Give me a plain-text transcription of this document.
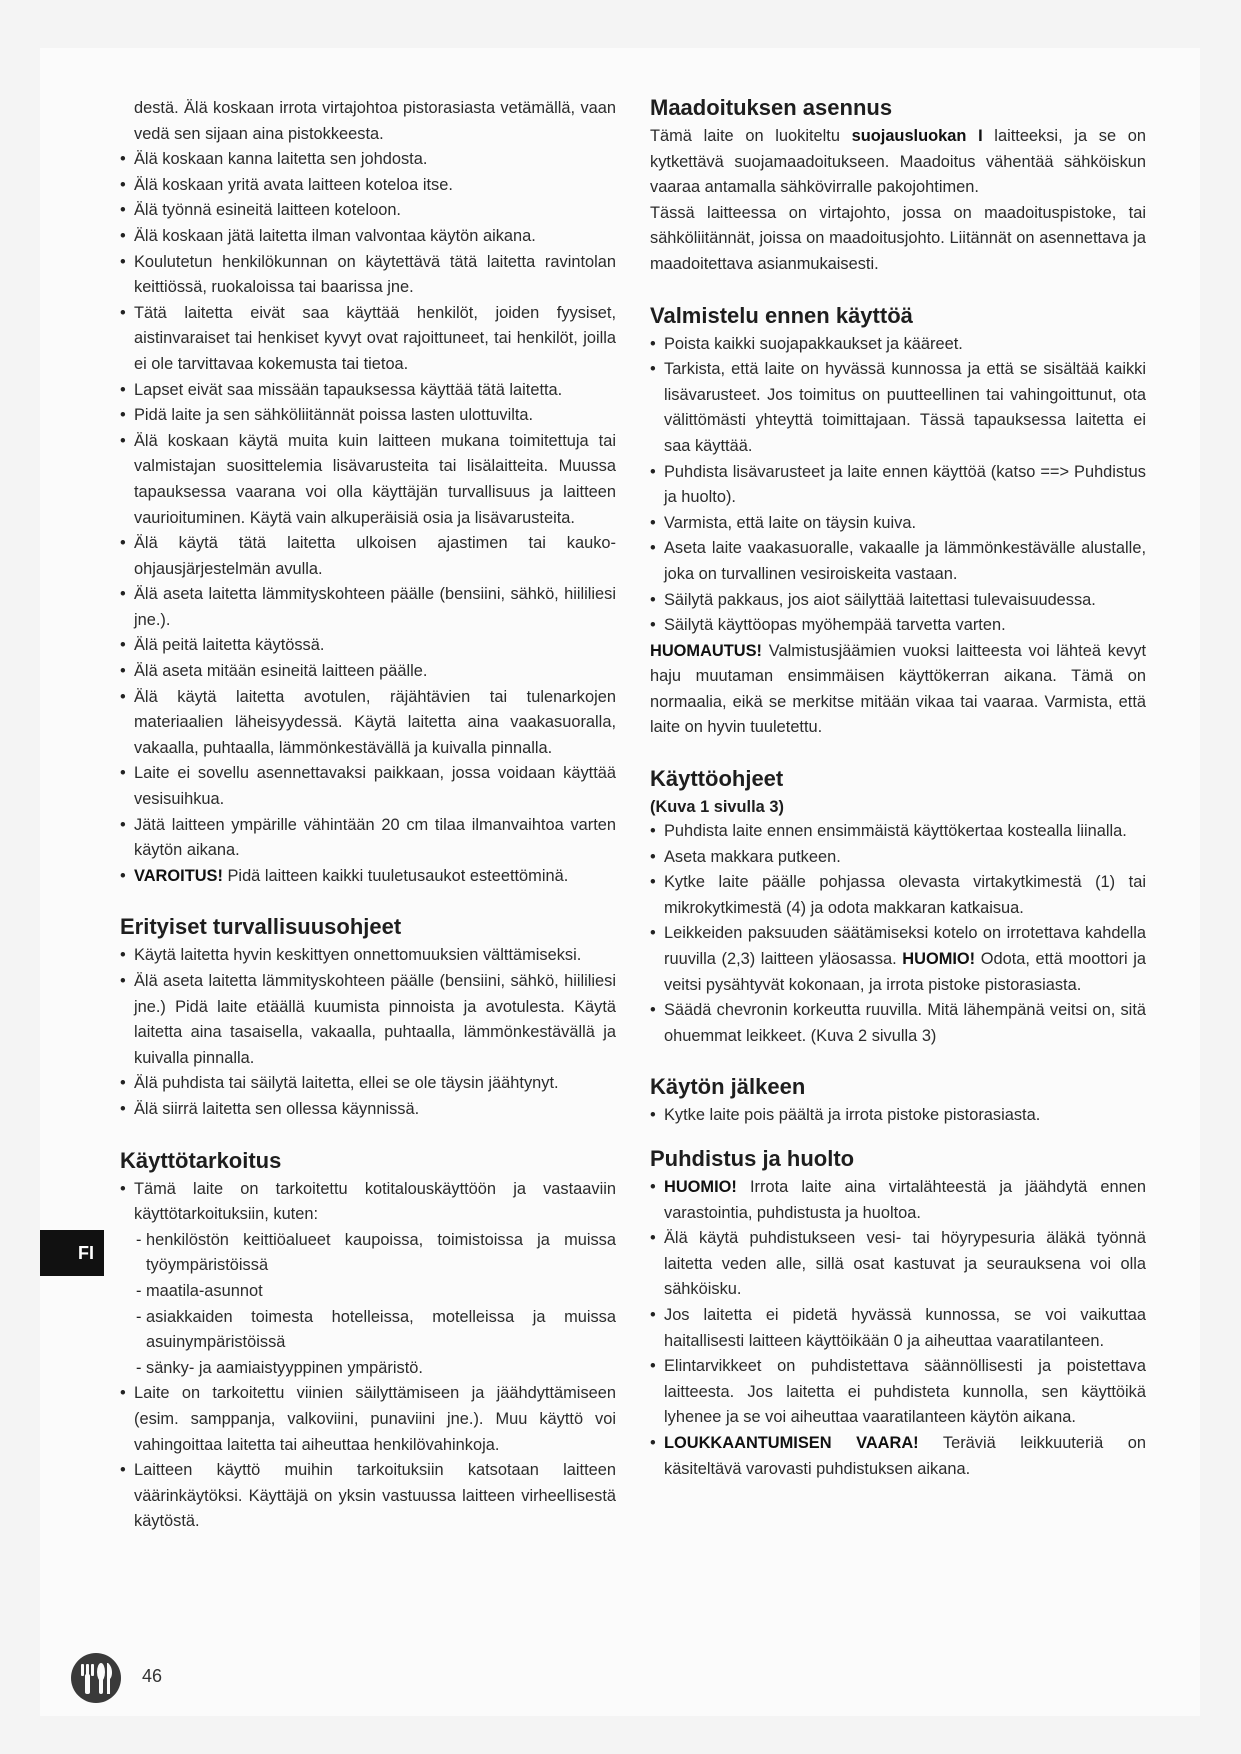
destä. Älä koskaan irrota virtajohtoa pistorasiasta vetämällä, vaan vedä sen sijaan aina pistokkeesta.

• Älä koskaan kanna laitetta sen johdosta.
• Älä koskaan yritä avata laitteen koteloa itse.
• Älä työnnä esineitä laitteen koteloon.
• Älä koskaan jätä laitetta ilman valvontaa käytön aikana.
• Koulutetun henkilökunnan on käytettävä tätä laitetta ravintolan keittiössä, ruokaloissa tai baarissa jne.
• Tätä laitetta eivät saa käyttää henkilöt, joiden fyysiset, aistinvaraiset tai henkiset kyvyt ovat rajoittuneet, tai henkilöt, joilla ei ole tarvittavaa kokemusta tai tietoa.
• Lapset eivät saa missään tapauksessa käyttää tätä laitetta.
• Pidä laite ja sen sähköliitännät poissa lasten ulottuvilta.
• Älä koskaan käytä muita kuin laitteen mukana toimitettuja tai valmistajan suosittelemia lisävarusteita tai lisälaitteita. Muussa tapauksessa vaarana voi olla käyttäjän turvallisuus ja laitteen vaurioituminen. Käytä vain alkuperäisiä osia ja lisävarusteita.
• Älä käytä tätä laitetta ulkoisen ajastimen tai kauko-ohjausjärjestelmän avulla.
• Älä aseta laitetta lämmityskohteen päälle (bensiini, sähkö, hiililiesi jne.).
• Älä peitä laitetta käytössä.
• Älä aseta mitään esineitä laitteen päälle.
• Älä käytä laitetta avotulen, räjähtävien tai tulenarkojen materiaalien läheisyydessä. Käytä laitetta aina vaakasuoralla, vakaalla, puhtaalla, lämmönkestävällä ja kuivalla pinnalla.
• Laite ei sovellu asennettavaksi paikkaan, jossa voidaan käyttää vesisuihkua.
• Jätä laitteen ympärille vähintään 20 cm tilaa ilmanvaihtoa varten käytön aikana.
• VAROITUS! Pidä laitteen kaikki tuuletusaukot esteettöminä.
Erityiset turvallisuusohjeet
• Käytä laitetta hyvin keskittyen onnettomuuksien välttämiseksi.
• Älä aseta laitetta lämmityskohteen päälle (bensiini, sähkö, hiililiesi jne.) Pidä laite etäällä kuumista pinnoista ja avotulesta. Käytä laitetta aina tasaisella, vakaalla, puhtaalla, lämmönkestävällä ja kuivalla pinnalla.
• Älä puhdista tai säilytä laitetta, ellei se ole täysin jäähtynyt.
• Älä siirrä laitetta sen ollessa käynnissä.
Käyttötarkoitus
• Tämä laite on tarkoitettu kotitalouskäyttöön ja vastaaviin käyttötarkoituksiin, kuten:
- henkilöstön keittiöalueet kaupoissa, toimistoissa ja muissa työympäristöissä
- maatila-asunnot
- asiakkaiden toimesta hotelleissa, motelleissa ja muissa asuinympäristöissä
- sänky- ja aamiaistyyppinen ympäristö.
• Laite on tarkoitettu viinien säilyttämiseen ja jäähdyttämiseen (esim. samppanja, valkoviini, punaviini jne.). Muu käyttö voi vahingoittaa laitetta tai aiheuttaa henkilövahinkoja.
• Laitteen käyttö muihin tarkoituksiin katsotaan laitteen väärinkäytöksi. Käyttäjä on yksin vastuussa laitteen virheellisestä käytöstä.
Maadoituksen asennus

Tämä laite on luokiteltu suojausluokan I laitteeksi, ja se on kytkettävä suojamaadoitukseen. Maadoitus vähentää sähköiskun vaaraa antamalla sähkövirralle pakojohtimen.

Tässä laitteessa on virtajohto, jossa on maadoituspistoke, tai sähköliitännät, joissa on maadoitusjohto. Liitännät on asennettava ja maadoitettava asianmukaisesti.

Valmistelu ennen käyttöä
• Poista kaikki suojapakkaukset ja kääreet.
• Tarkista, että laite on hyvässä kunnossa ja että se sisältää kaikki lisävarusteet. Jos toimitus on puutteellinen tai vahingoittunut, ota välittömästi yhteyttä toimittajaan. Tässä tapauksessa laitetta ei saa käyttää.
• Puhdista lisävarusteet ja laite ennen käyttöä (katso ==> Puhdistus ja huolto).
• Varmista, että laite on täysin kuiva.
• Aseta laite vaakasuoralle, vakaalle ja lämmönkestävälle alustalle, joka on turvallinen vesiroiskeita vastaan.
• Säilytä pakkaus, jos aiot säilyttää laitettasi tulevaisuudessa.
• Säilytä käyttöopas myöhempää tarvetta varten.

HUOMAUTUS! Valmistusjäämien vuoksi laitteesta voi lähteä kevyt haju muutaman ensimmäisen käyttökerran aikana. Tämä on normaalia, eikä se merkitse mitään vikaa tai vaaraa. Varmista, että laite on hyvin tuuletettu.

Käyttöohjeet
(Kuva 1 sivulla 3)
• Puhdista laite ennen ensimmäistä käyttökertaa kostealla liinalla.
• Aseta makkara putkeen.
• Kytke laite päälle pohjassa olevasta virtakytkimestä (1) tai mikrokytkimestä (4) ja odota makkaran katkaisua.
• Leikkeiden paksuuden säätämiseksi kotelo on irrotettava kahdella ruuvilla (2,3) laitteen yläosassa. HUOMIO! Odota, että moottori ja veitsi pysähtyvät kokonaan, ja irrota pistoke pistorasiasta.
• Säädä chevronin korkeutta ruuvilla. Mitä lähempänä veitsi on, sitä ohuemmat leikkeet. (Kuva 2 sivulla 3)
Käytön jälkeen
• Kytke laite pois päältä ja irrota pistoke pistorasiasta.
Puhdistus ja huolto
• HUOMIO! Irrota laite aina virtalähteestä ja jäähdytä ennen varastointia, puhdistusta ja huoltoa.
• Älä käytä puhdistukseen vesi- tai höyrypesuria äläkä työnnä laitetta veden alle, sillä osat kastuvat ja seurauksena voi olla sähköisku.
• Jos laitetta ei pidetä hyvässä kunnossa, se voi vaikuttaa haitallisesti laitteen käyttöikään 0 ja aiheuttaa vaaratilanteen.
• Elintarvikkeet on puhdistettava säännöllisesti ja poistettava laitteesta. Jos laitetta ei puhdisteta kunnolla, sen käyttöikä lyhenee ja se voi aiheuttaa vaaratilanteen käytön aikana.
• LOUKKAANTUMISEN VAARA! Teräviä leikkuuteriä on käsiteltävä varovasti puhdistuksen aikana.
FI
46
